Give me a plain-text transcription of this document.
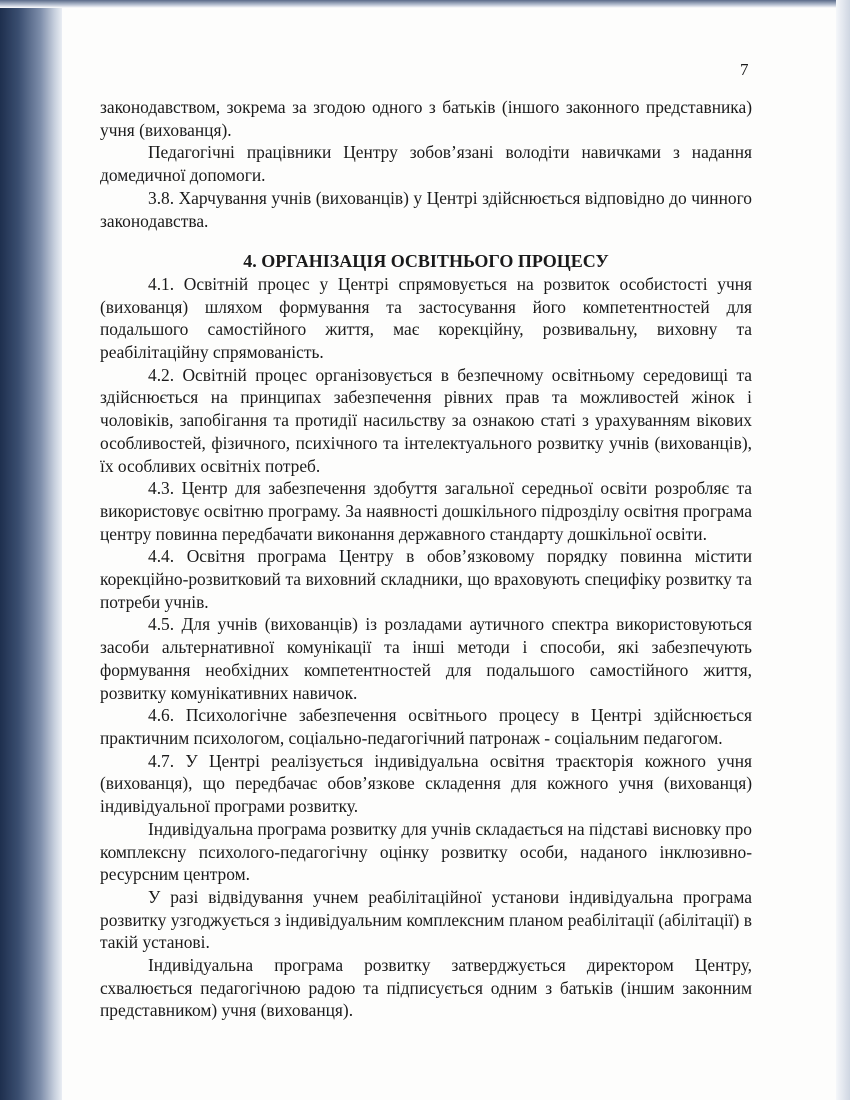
7

законодавством, зокрема за згодою одного з батьків (іншого законного представника) учня (вихованця).

Педагогічні працівники Центру зобов’язані володіти навичками з надання домедичної допомоги.

3.8. Харчування учнів (вихованців) у Центрі здійснюється відповідно до чинного законодавства.

4. ОРГАНІЗАЦІЯ ОСВІТНЬОГО ПРОЦЕСУ

4.1. Освітній процес у Центрі спрямовується на розвиток особистості учня (вихованця) шляхом формування та застосування його компетентностей для подальшого самостійного життя, має корекційну, розвивальну, виховну та реабілітаційну спрямованість.

4.2. Освітній процес організовується в безпечному освітньому середовищі та здійснюється на принципах забезпечення рівних прав та можливостей жінок і чоловіків, запобігання та протидії насильству за ознакою статі з урахуванням вікових особливостей, фізичного, психічного та інтелектуального розвитку учнів (вихованців), їх особливих освітніх потреб.

4.3. Центр для забезпечення здобуття загальної середньої освіти розробляє та використовує освітню програму. За наявності дошкільного підрозділу освітня програма центру повинна передбачати виконання державного стандарту дошкільної освіти.

4.4. Освітня програма Центру в обов’язковому порядку повинна містити корекційно-розвитковий та виховний складники, що враховують специфіку розвитку та потреби учнів.

4.5. Для учнів (вихованців) із розладами аутичного спектра використовуються засоби альтернативної комунікації та інші методи і способи, які забезпечують формування необхідних компетентностей для подальшого самостійного життя, розвитку комунікативних навичок.

4.6. Психологічне забезпечення освітнього процесу в Центрі здійснюється практичним психологом, соціально-педагогічний патронаж - соціальним педагогом.

4.7. У Центрі реалізується індивідуальна освітня траєкторія кожного учня (вихованця), що передбачає обов’язкове складення для кожного учня (вихованця) індивідуальної програми розвитку.

Індивідуальна програма розвитку для учнів складається на підставі висновку про комплексну психолого-педагогічну оцінку розвитку особи, наданого інклюзивно-ресурсним центром.

У разі відвідування учнем реабілітаційної установи індивідуальна програма розвитку узгоджується з індивідуальним комплексним планом реабілітації (абілітації) в такій установі.

Індивідуальна програма розвитку затверджується директором Центру, схвалюється педагогічною радою та підписується одним з батьків (іншим законним представником) учня (вихованця).
